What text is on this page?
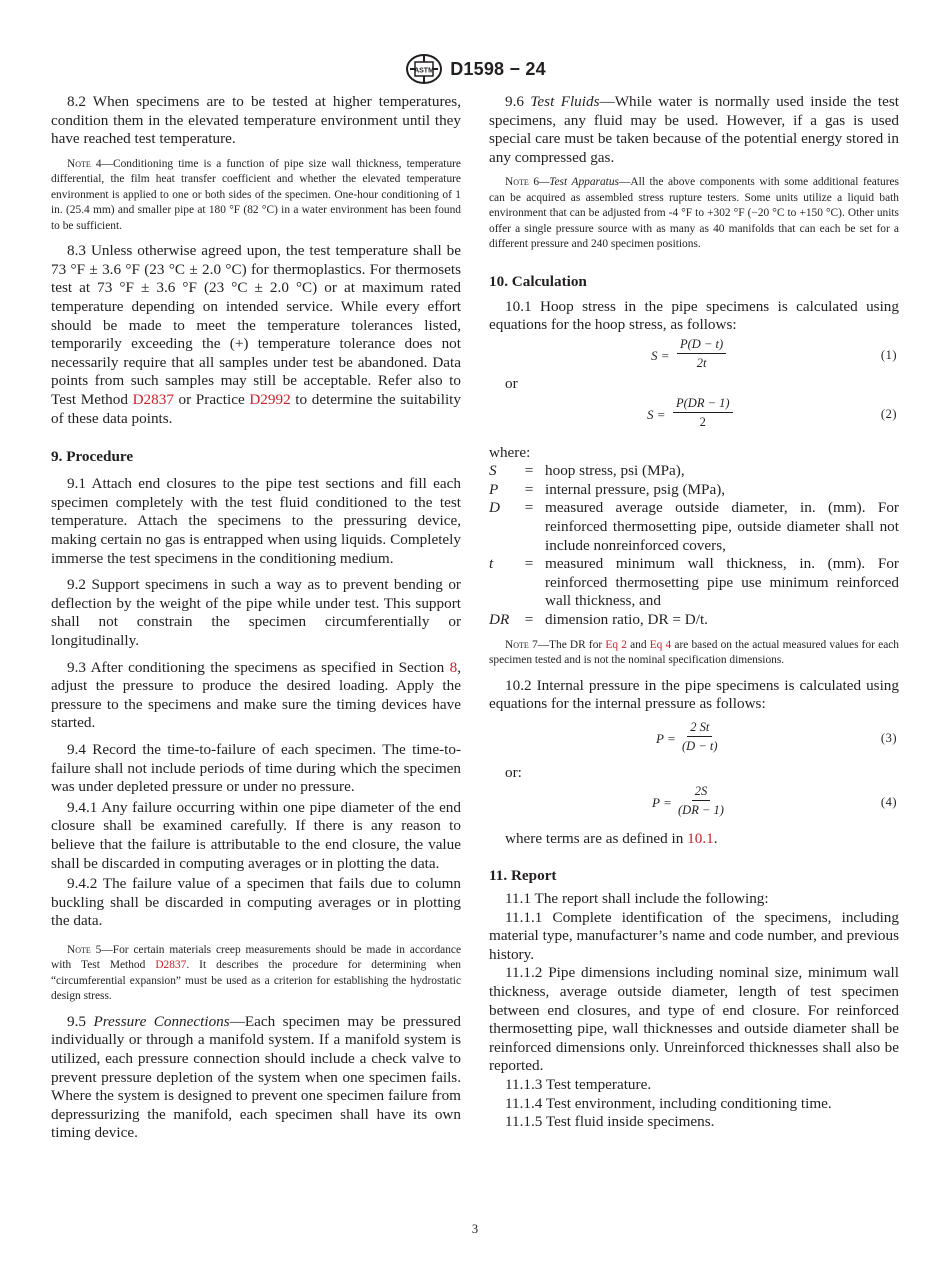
ASTM D1598 − 24

8.2 When specimens are to be tested at higher temperatures, condition them in the elevated temperature environment until they have reached test temperature.

Note 4—Conditioning time is a function of pipe size wall thickness, temperature differential, the film heat transfer coefficient and whether the elevated temperature environment is applied to one or both sides of the specimen. One-hour conditioning of 1 in. (25.4 mm) and smaller pipe at 180 °F (82 °C) in a water environment has been found to be sufficient.

8.3 Unless otherwise agreed upon, the test temperature shall be 73 °F ± 3.6 °F (23 °C ± 2.0 °C) for thermoplastics. For thermosets test at 73 °F ± 3.6 °F (23 °C ± 2.0 °C) or at maximum rated temperature depending on intended service. While every effort should be made to meet the temperature tolerances listed, temporarily exceeding the (+) temperature tolerance does not necessarily require that all samples under test be abandoned. Data points from such samples may still be acceptable. Refer also to Test Method D2837 or Practice D2992 to determine the suitability of these data points.

9. Procedure

9.1 Attach end closures to the pipe test sections and fill each specimen completely with the test fluid conditioned to the test temperature. Attach the specimens to the pressuring device, making certain no gas is entrapped when using liquids. Completely immerse the test specimens in the conditioning medium.

9.2 Support specimens in such a way as to prevent bending or deflection by the weight of the pipe while under test. This support shall not constrain the specimen circumferentially or longitudinally.

9.3 After conditioning the specimens as specified in Section 8, adjust the pressure to produce the desired loading. Apply the pressure to the specimens and make sure the timing devices have started.

9.4 Record the time-to-failure of each specimen. The time-to-failure shall not include periods of time during which the specimen was under depleted pressure or under no pressure.

9.4.1 Any failure occurring within one pipe diameter of the end closure shall be examined carefully. If there is any reason to believe that the failure is attributable to the end closure, the value shall be discarded in computing averages or in plotting the data.

9.4.2 The failure value of a specimen that fails due to column buckling shall be discarded in computing averages or in plotting the data.

Note 5—For certain materials creep measurements should be made in accordance with Test Method D2837. It describes the procedure for determining when “circumferential expansion” must be used as a criterion for establishing the hydrostatic design stress.

9.5 Pressure Connections—Each specimen may be pressured individually or through a manifold system. If a manifold system is utilized, each pressure connection should include a check valve to prevent pressure depletion of the system when one specimen fails. Where the system is designed to prevent one specimen failure from depressurizing the manifold, each specimen shall have its own timing device.

9.6 Test Fluids—While water is normally used inside the test specimens, any fluid may be used. However, if a gas is used special care must be taken because of the potential energy stored in any compressed gas.

Note 6—Test Apparatus—All the above components with some additional features can be acquired as assembled stress rupture testers. Some units utilize a liquid bath environment that can be adjusted from -4 °F to +302 °F (−20 °C to +150 °C). Other units offer a single pressure source with as many as 40 manifolds that can each be set for a different pressure and 240 specimen positions.

10. Calculation

10.1 Hoop stress in the pipe specimens is calculated using equations for the hoop stress, as follows:

$S = \frac{P(D - t)}{2t}$	(1)

or

$S = \frac{P(DR - 1)}{2}$	(2)

where:

S	=	hoop stress, psi (MPa),
P	=	internal pressure, psig (MPa),
D	=	measured average outside diameter, in. (mm). For reinforced thermosetting pipe, outside diameter shall not include nonreinforced covers,
t	=	measured minimum wall thickness, in. (mm). For reinforced thermosetting pipe use minimum reinforced wall thickness, and
DR	=	dimension ratio, DR = D/t.

Note 7—The DR for Eq 2 and Eq 4 are based on the actual measured values for each specimen tested and is not the nominal specification dimensions.

10.2 Internal pressure in the pipe specimens is calculated using equations for the internal pressure as follows:

$P = \frac{2 St}{(D - t)}$	(3)

or:

$P = \frac{2S}{(DR - 1)}$	(4)

where terms are as defined in 10.1.

11. Report

11.1 The report shall include the following:

11.1.1 Complete identification of the specimens, including material type, manufacturer’s name and code number, and previous history.

11.1.2 Pipe dimensions including nominal size, minimum wall thickness, average outside diameter, length of test specimen between end closures, and type of end closure. For reinforced thermosetting pipe, wall thicknesses and outside diameter shall be reinforced dimensions only. Unreinforced thicknesses shall also be reported.

11.1.3 Test temperature.

11.1.4 Test environment, including conditioning time.

11.1.5 Test fluid inside specimens.

3
